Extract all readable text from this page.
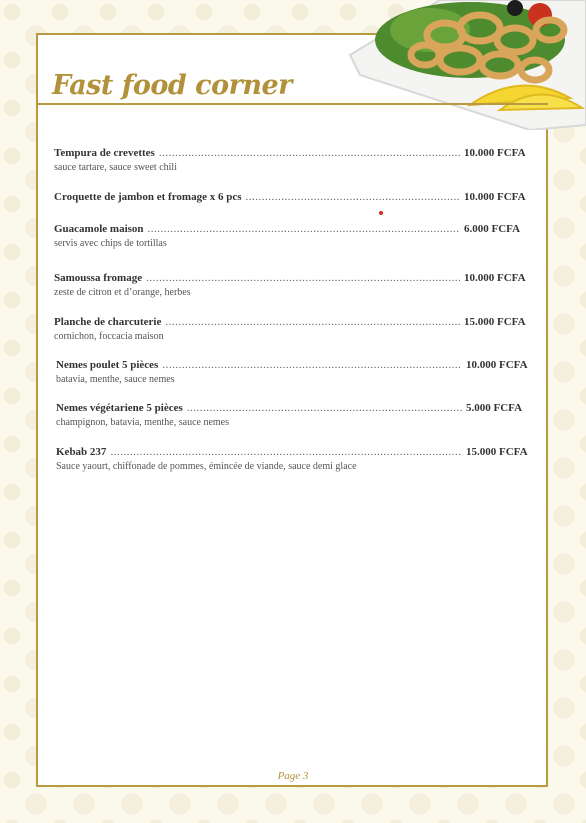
Fast food corner
Tempura de crevettes .....	10.000 FCFA
sauce tartare, sauce sweet chili
Croquette de jambon et fromage x 6 pcs .....	10.000 FCFA
Guacamole maison .....	6.000 FCFA
servis avec chips de tortillas
Samoussa fromage .....	10.000 FCFA
zeste de citron et d’orange, herbes
Planche de charcuterie .....	15.000 FCFA
cornichon, foccacia maison
Nemes poulet 5 pièces .....	10.000 FCFA
batavia, menthe, sauce nemes
Nemes végétariene 5 pièces .....	5.000 FCFA
champignon, batavia, menthe, sauce nemes
Kebab 237 .....	15.000 FCFA
Sauce yaourt, chiffonade de pommes, émincée de viande, sauce demi glace
Page 3
